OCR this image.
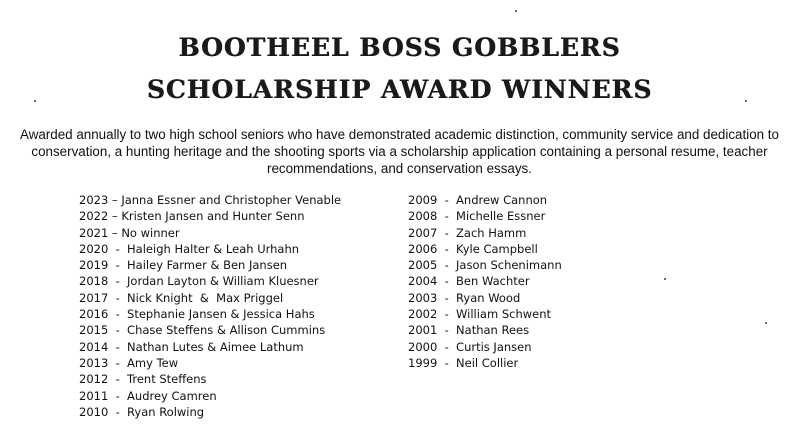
BOOTHEEL BOSS GOBBLERS
SCHOLARSHIP AWARD WINNERS
Awarded annually to two high school seniors who have demonstrated academic distinction, community service and dedication to conservation, a hunting heritage and the shooting sports via a scholarship application containing a personal resume, teacher recommendations, and conservation essays.
2023 – Janna Essner and Christopher Venable
2022 – Kristen Jansen and Hunter Senn
2021 – No winner
2020  -  Haleigh Halter & Leah Urhahn
2019  -  Hailey Farmer & Ben Jansen
2018  -  Jordan Layton & William Kluesner
2017  -  Nick Knight  &  Max Priggel
2016  -  Stephanie Jansen & Jessica Hahs
2015  -  Chase Steffens & Allison Cummins
2014  -  Nathan Lutes & Aimee Lathum
2013  -  Amy Tew
2012  -  Trent Steffens
2011  -  Audrey Camren
2010  -  Ryan Rolwing
2009  -  Andrew Cannon
2008  -  Michelle Essner
2007  -  Zach Hamm
2006  -  Kyle Campbell
2005  -  Jason Schenimann
2004  -  Ben Wachter
2003  -  Ryan Wood
2002  -  William Schwent
2001  -  Nathan Rees
2000  -  Curtis Jansen
1999  -  Neil Collier
